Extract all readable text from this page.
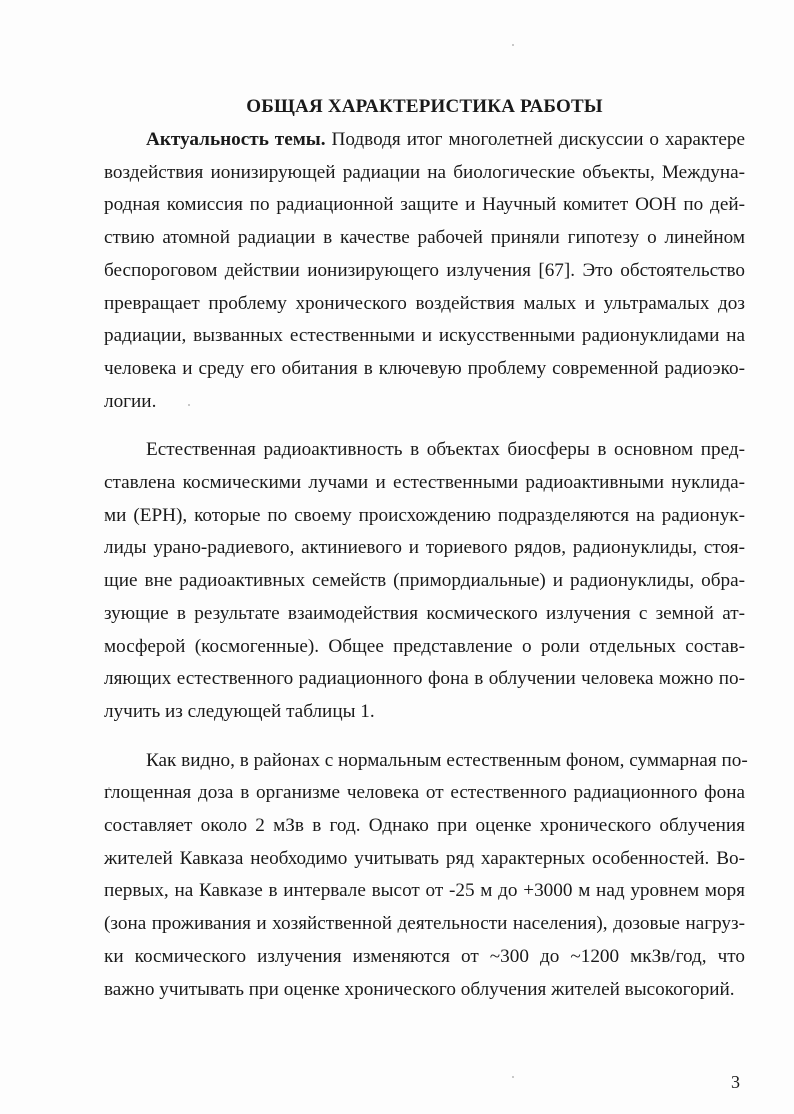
ОБЩАЯ ХАРАКТЕРИСТИКА РАБОТЫ
Актуальность темы. Подводя итог многолетней дискуссии о характере
воздействия ионизирующей радиации на биологические объекты, Междуна-
родная комиссия по радиационной защите и Научный комитет ООН по дей-
ствию атомной радиации в качестве рабочей приняли гипотезу о линейном
беспороговом действии ионизирующего излучения [67]. Это обстоятельство
превращает проблему хронического воздействия малых и ультрамалых доз
радиации, вызванных естественными и искусственными радионуклидами на
человека и среду его обитания в ключевую проблему современной радиоэко-
логии.
Естественная радиоактивность в объектах биосферы в основном пред-
ставлена космическими лучами и естественными радиоактивными нуклида-
ми (ЕРН), которые по своему происхождению подразделяются на радионук-
лиды урано-радиевого, актиниевого и ториевого рядов, радионуклиды, стоя-
щие вне радиоактивных семейств (примордиальные) и радионуклиды, обра-
зующие в результате взаимодействия космического излучения с земной ат-
мосферой (космогенные). Общее представление о роли отдельных состав-
ляющих естественного радиационного фона в облучении человека можно по-
лучить из следующей таблицы 1.
Как видно, в районах с нормальным естественным фоном, суммарная по-
глощенная доза в организме человека от естественного радиационного фона
составляет около 2 мЗв в год. Однако при оценке хронического облучения
жителей Кавказа необходимо учитывать ряд характерных особенностей. Во-
первых, на Кавказе в интервале высот от -25 м до +3000 м над уровнем моря
(зона проживания и хозяйственной деятельности населения), дозовые нагруз-
ки космического излучения изменяются от ~300 до ~1200 мкЗв/год, что
важно учитывать при оценке хронического облучения жителей высокогорий.
3
